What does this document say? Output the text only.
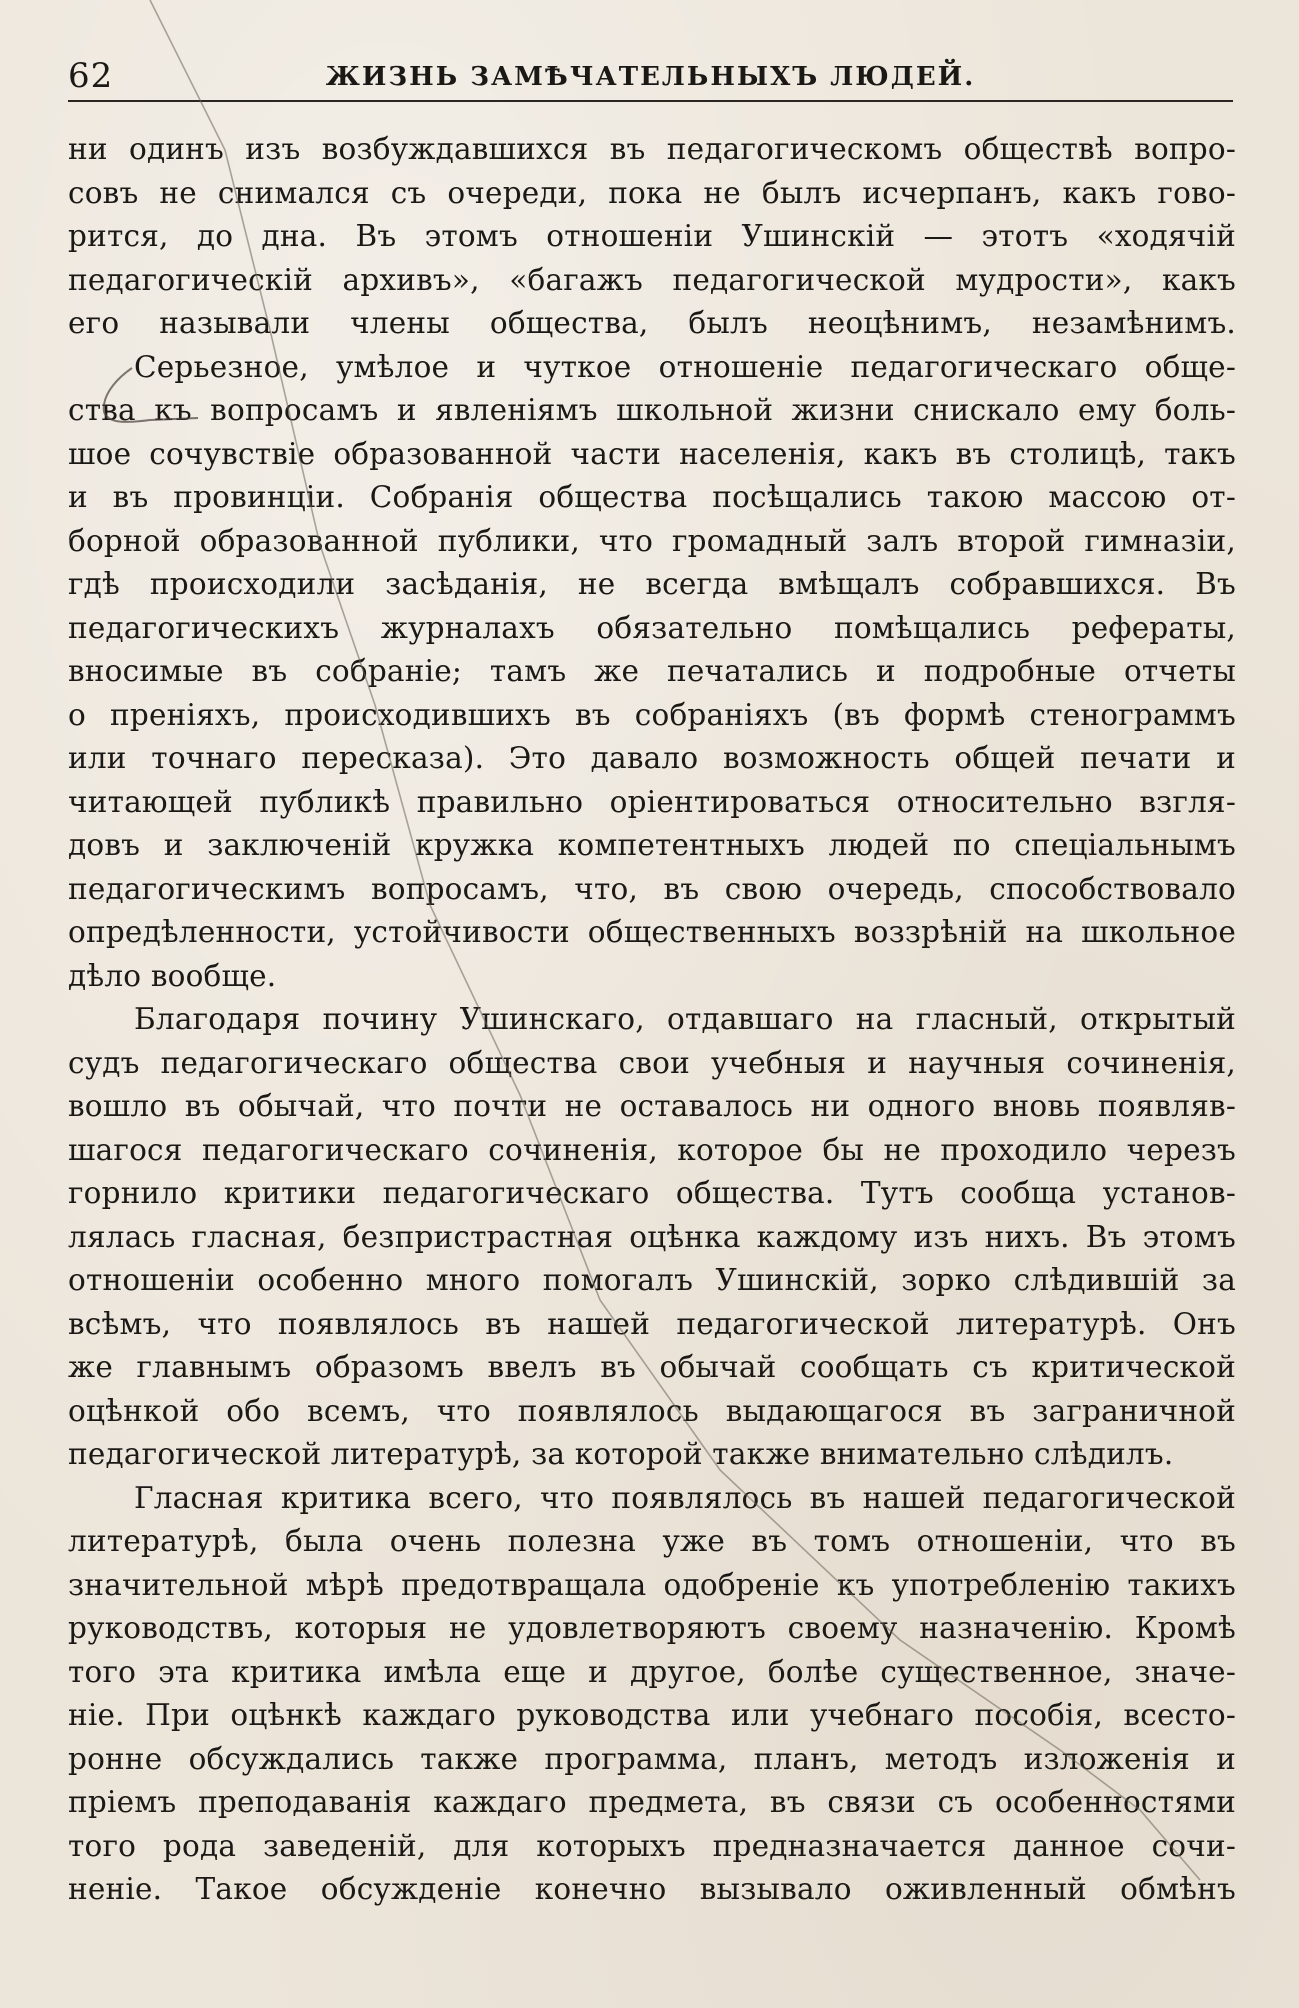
62	ЖИЗНЬ ЗАМѢЧАТЕЛЬНЫХЪ ЛЮДЕЙ.
ни одинъ изъ возбуждавшихся въ педагогическомъ обществѣ вопро-
совъ не снимался съ очереди, пока не былъ исчерпанъ, какъ гово-
рится, до дна. Въ этомъ отношеніи Ушинскій — этотъ «ходячій
педагогическій архивъ», «багажъ педагогической мудрости», какъ
его называли члены общества, былъ неоцѣнимъ, незамѣнимъ.
Серьезное, умѣлое и чуткое отношеніе педагогическаго обще-
ства къ вопросамъ и явленіямъ школьной жизни снискало ему боль-
шое сочувствіе образованной части населенія, какъ въ столицѣ, такъ
и въ провинціи. Собранія общества посѣщались такою массою от-
борной образованной публики, что громадный залъ второй гимназіи,
гдѣ происходили засѣданія, не всегда вмѣщалъ собравшихся. Въ
педагогическихъ журналахъ обязательно помѣщались рефераты,
вносимые въ собраніе; тамъ же печатались и подробные отчеты
о преніяхъ, происходившихъ въ собраніяхъ (въ формѣ стенограммъ
или точнаго пересказа). Это давало возможность общей печати и
читающей публикѣ правильно оріентироваться относительно взгля-
довъ и заключеній кружка компетентныхъ людей по спеціальнымъ
педагогическимъ вопросамъ, что, въ свою очередь, способствовало
опредѣленности, устойчивости общественныхъ воззрѣній на школьное
дѣло вообще.
Благодаря почину Ушинскаго, отдавшаго на гласный, открытый
судъ педагогическаго общества свои учебныя и научныя сочиненія,
вошло въ обычай, что почти не оставалось ни одного вновь появляв-
шагося педагогическаго сочиненія, которое бы не проходило черезъ
горнило критики педагогическаго общества. Тутъ сообща установ-
лялась гласная, безпристрастная оцѣнка каждому изъ нихъ. Въ этомъ
отношеніи особенно много помогалъ Ушинскій, зорко слѣдившій за
всѣмъ, что появлялось въ нашей педагогической литературѣ. Онъ
же главнымъ образомъ ввелъ въ обычай сообщать съ критической
оцѣнкой обо всемъ, что появлялось выдающагося въ заграничной
педагогической литературѣ, за которой также внимательно слѣдилъ.
Гласная критика всего, что появлялось въ нашей педагогической
литературѣ, была очень полезна уже въ томъ отношеніи, что въ
значительной мѣрѣ предотвращала одобреніе къ употребленію такихъ
руководствъ, которыя не удовлетворяютъ своему назначенію. Кромѣ
того эта критика имѣла еще и другое, болѣе существенное, значе-
ніе. При оцѣнкѣ каждаго руководства или учебнаго пособія, всесто-
ронне обсуждались также программа, планъ, методъ изложенія и
пріемъ преподаванія каждаго предмета, въ связи съ особенностями
того рода заведеній, для которыхъ предназначается данное сочи-
неніе. Такое обсужденіе конечно вызывало оживленный обмѣнъ
